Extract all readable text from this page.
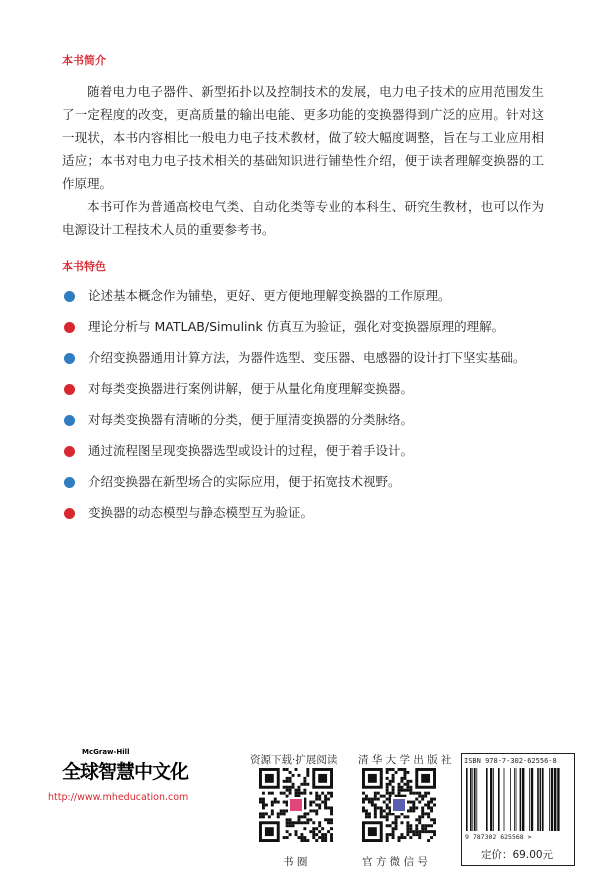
本书简介

随着电力电子器件、新型拓扑以及控制技术的发展，电力电子技术的应用范围发生了一定程度的改变，更高质量的输出电能、更多功能的变换器得到广泛的应用。针对这一现状，本书内容相比一般电力电子技术教材，做了较大幅度调整，旨在与工业应用相适应；本书对电力电子技术相关的基础知识进行铺垫性介绍，便于读者理解变换器的工作原理。

本书可作为普通高校电气类、自动化类等专业的本科生、研究生教材，也可以作为电源设计工程技术人员的重要参考书。

本书特色
论述基本概念作为铺垫，更好、更方便地理解变换器的工作原理。
理论分析与 MATLAB/Simulink 仿真互为验证，强化对变换器原理的理解。
介绍变换器通用计算方法，为器件选型、变压器、电感器的设计打下坚实基础。
对每类变换器进行案例讲解，便于从量化角度理解变换器。
对每类变换器有清晰的分类，便于厘清变换器的分类脉络。
通过流程图呈现变换器选型或设计的过程，便于着手设计。
介绍变换器在新型场合的实际应用，便于拓宽技术视野。
变换器的动态模型与静态模型互为验证。
McGraw-Hill
全球智慧中文化
http://www.mheducation.com
资源下载·扩展阅读
书 圈
清 华 大 学 出 版 社
官 方 微 信 号
ISBN 978-7-302-62556-8
9 787302 625568 >
定价：69.00元
